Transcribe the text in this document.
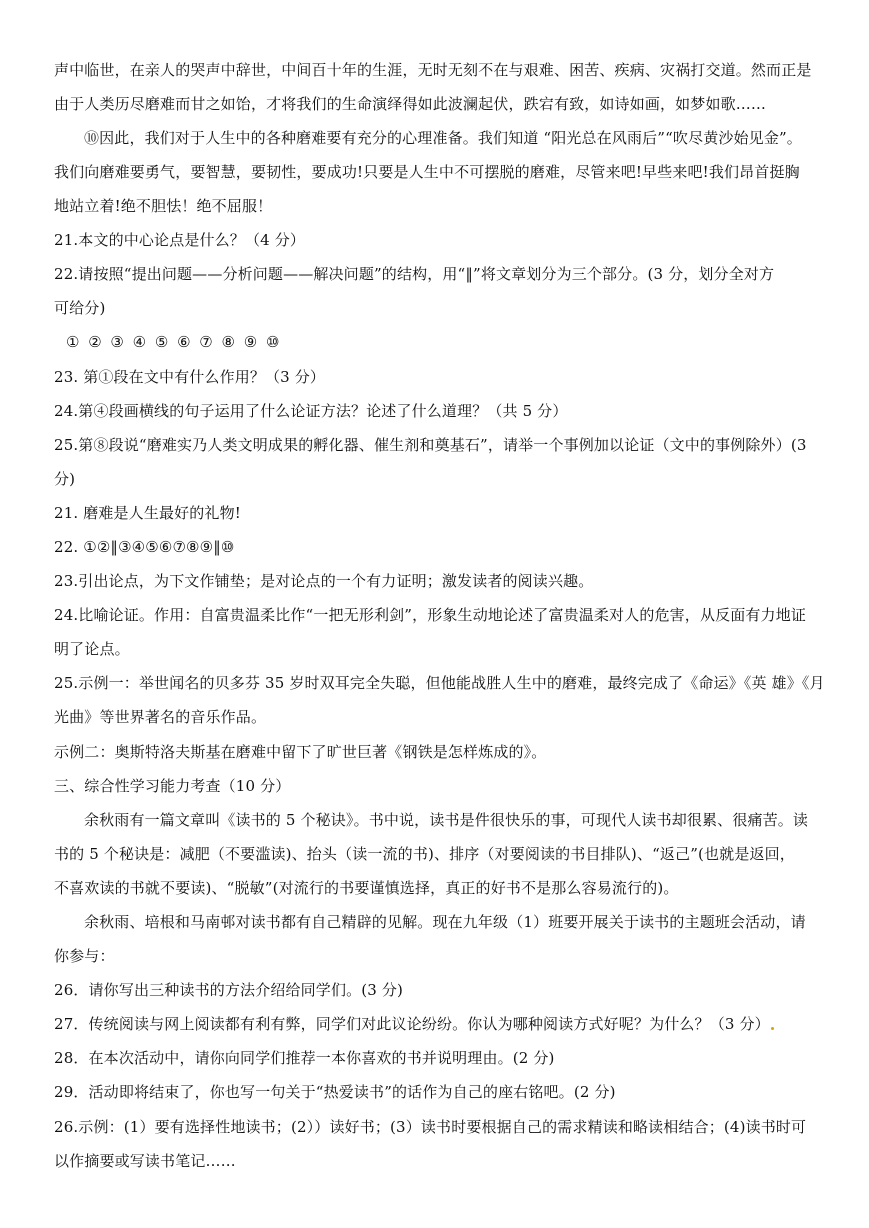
声中临世，在亲人的哭声中辞世，中间百十年的生涯，无时无刻不在与艰难、困苦、疾病、灾祸打交道。然而正是
由于人类历尽磨难而甘之如饴，才将我们的生命演绎得如此波澜起伏，跌宕有致，如诗如画，如梦如歌……
⑩因此，我们对于人生中的各种磨难要有充分的心理准备。我们知道 “阳光总在风雨后”“吹尽黄沙始见金”。
我们向磨难要勇气，要智慧，要韧性，要成功!只要是人生中不可摆脱的磨难，尽管来吧!早些来吧!我们昂首挺胸
地站立着!绝不胆怯！绝不屈服！
21.本文的中心论点是什么？（4 分）
22.请按照“提出问题——分析问题——解决问题”的结构，用“‖”将文章划分为三个部分。(3 分，划分全对方
可给分)
① ② ③ ④ ⑤ ⑥ ⑦ ⑧ ⑨ ⑩
23. 第①段在文中有什么作用？（3 分）
24.第④段画横线的句子运用了什么论证方法？论述了什么道理？（共 5 分）
25.第⑧段说“磨难实乃人类文明成果的孵化器、催生剂和奠基石”，请举一个事例加以论证（文中的事例除外）(3
分)
21. 磨难是人生最好的礼物!
22. ①②‖③④⑤⑥⑦⑧⑨‖⑩
23.引出论点，为下文作铺垫；是对论点的一个有力证明；激发读者的阅读兴趣。
24.比喻论证。作用：自富贵温柔比作“一把无形利剑”，形象生动地论述了富贵温柔对人的危害，从反面有力地证
明了论点。
25.示例一：举世闻名的贝多芬 35 岁时双耳完全失聪，但他能战胜人生中的磨难，最终完成了《命运》《英 雄》《月
光曲》等世界著名的音乐作品。
示例二：奥斯特洛夫斯基在磨难中留下了旷世巨著《钢铁是怎样炼成的》。
三、综合性学习能力考查（10 分）
余秋雨有一篇文章叫《读书的 5 个秘诀》。书中说，读书是件很快乐的事，可现代人读书却很累、很痛苦。读
书的 5 个秘诀是：减肥（不要滥读)、抬头（读一流的书)、排序（对要阅读的书目排队)、“返己”(也就是返回，
不喜欢读的书就不要读)、“脱敏”(对流行的书要谨慎选择，真正的好书不是那么容易流行的)。
余秋雨、培根和马南邨对读书都有自己精辟的见解。现在九年级（1）班要开展关于读书的主题班会活动，请
你参与：
26．请你写出三种读书的方法介绍给同学们。(3 分)
27．传统阅读与网上阅读都有利有弊，同学们对此议论纷纷。你认为哪种阅读方式好呢？为什么？（3 分）
28．在本次活动中，请你向同学们推荐一本你喜欢的书并说明理由。(2 分)
29．活动即将结束了，你也写一句关于“热爱读书”的话作为自己的座右铭吧。(2 分)
26.示例：(1）要有选择性地读书；(2））读好书；(3）读书时要根据自己的需求精读和略读相结合；(4)读书时可
以作摘要或写读书笔记……
